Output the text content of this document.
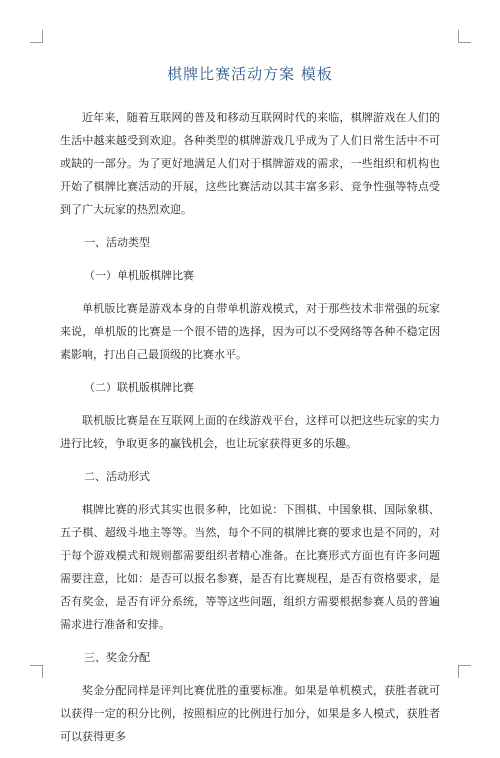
棋牌比赛活动方案 模板

近年来，随着互联网的普及和移动互联网时代的来临，棋牌游戏在人们的生活中越来越受到欢迎。各种类型的棋牌游戏几乎成为了人们日常生活中不可或缺的一部分。为了更好地满足人们对于棋牌游戏的需求，一些组织和机构也开始了棋牌比赛活动的开展，这些比赛活动以其丰富多彩、竞争性强等特点受到了广大玩家的热烈欢迎。

一、活动类型

（一）单机版棋牌比赛

单机版比赛是游戏本身的自带单机游戏模式，对于那些技术非常强的玩家来说，单机版的比赛是一个很不错的选择，因为可以不受网络等各种不稳定因素影响，打出自己最顶级的比赛水平。

（二）联机版棋牌比赛

联机版比赛是在互联网上面的在线游戏平台，这样可以把这些玩家的实力进行比较，争取更多的赢钱机会，也让玩家获得更多的乐趣。

二、活动形式

棋牌比赛的形式其实也很多种，比如说：下围棋、中国象棋、国际象棋、五子棋、超级斗地主等等。当然，每个不同的棋牌比赛的要求也是不同的，对于每个游戏模式和规则都需要组织者精心准备。在比赛形式方面也有许多问题需要注意，比如：是否可以报名参赛，是否有比赛规程，是否有资格要求，是否有奖金，是否有评分系统，等等这些问题，组织方需要根据参赛人员的普遍需求进行准备和安排。

三、奖金分配

奖金分配同样是评判比赛优胜的重要标准。如果是单机模式，获胜者就可以获得一定的积分比例，按照相应的比例进行加分，如果是多人模式，获胜者可以获得更多
